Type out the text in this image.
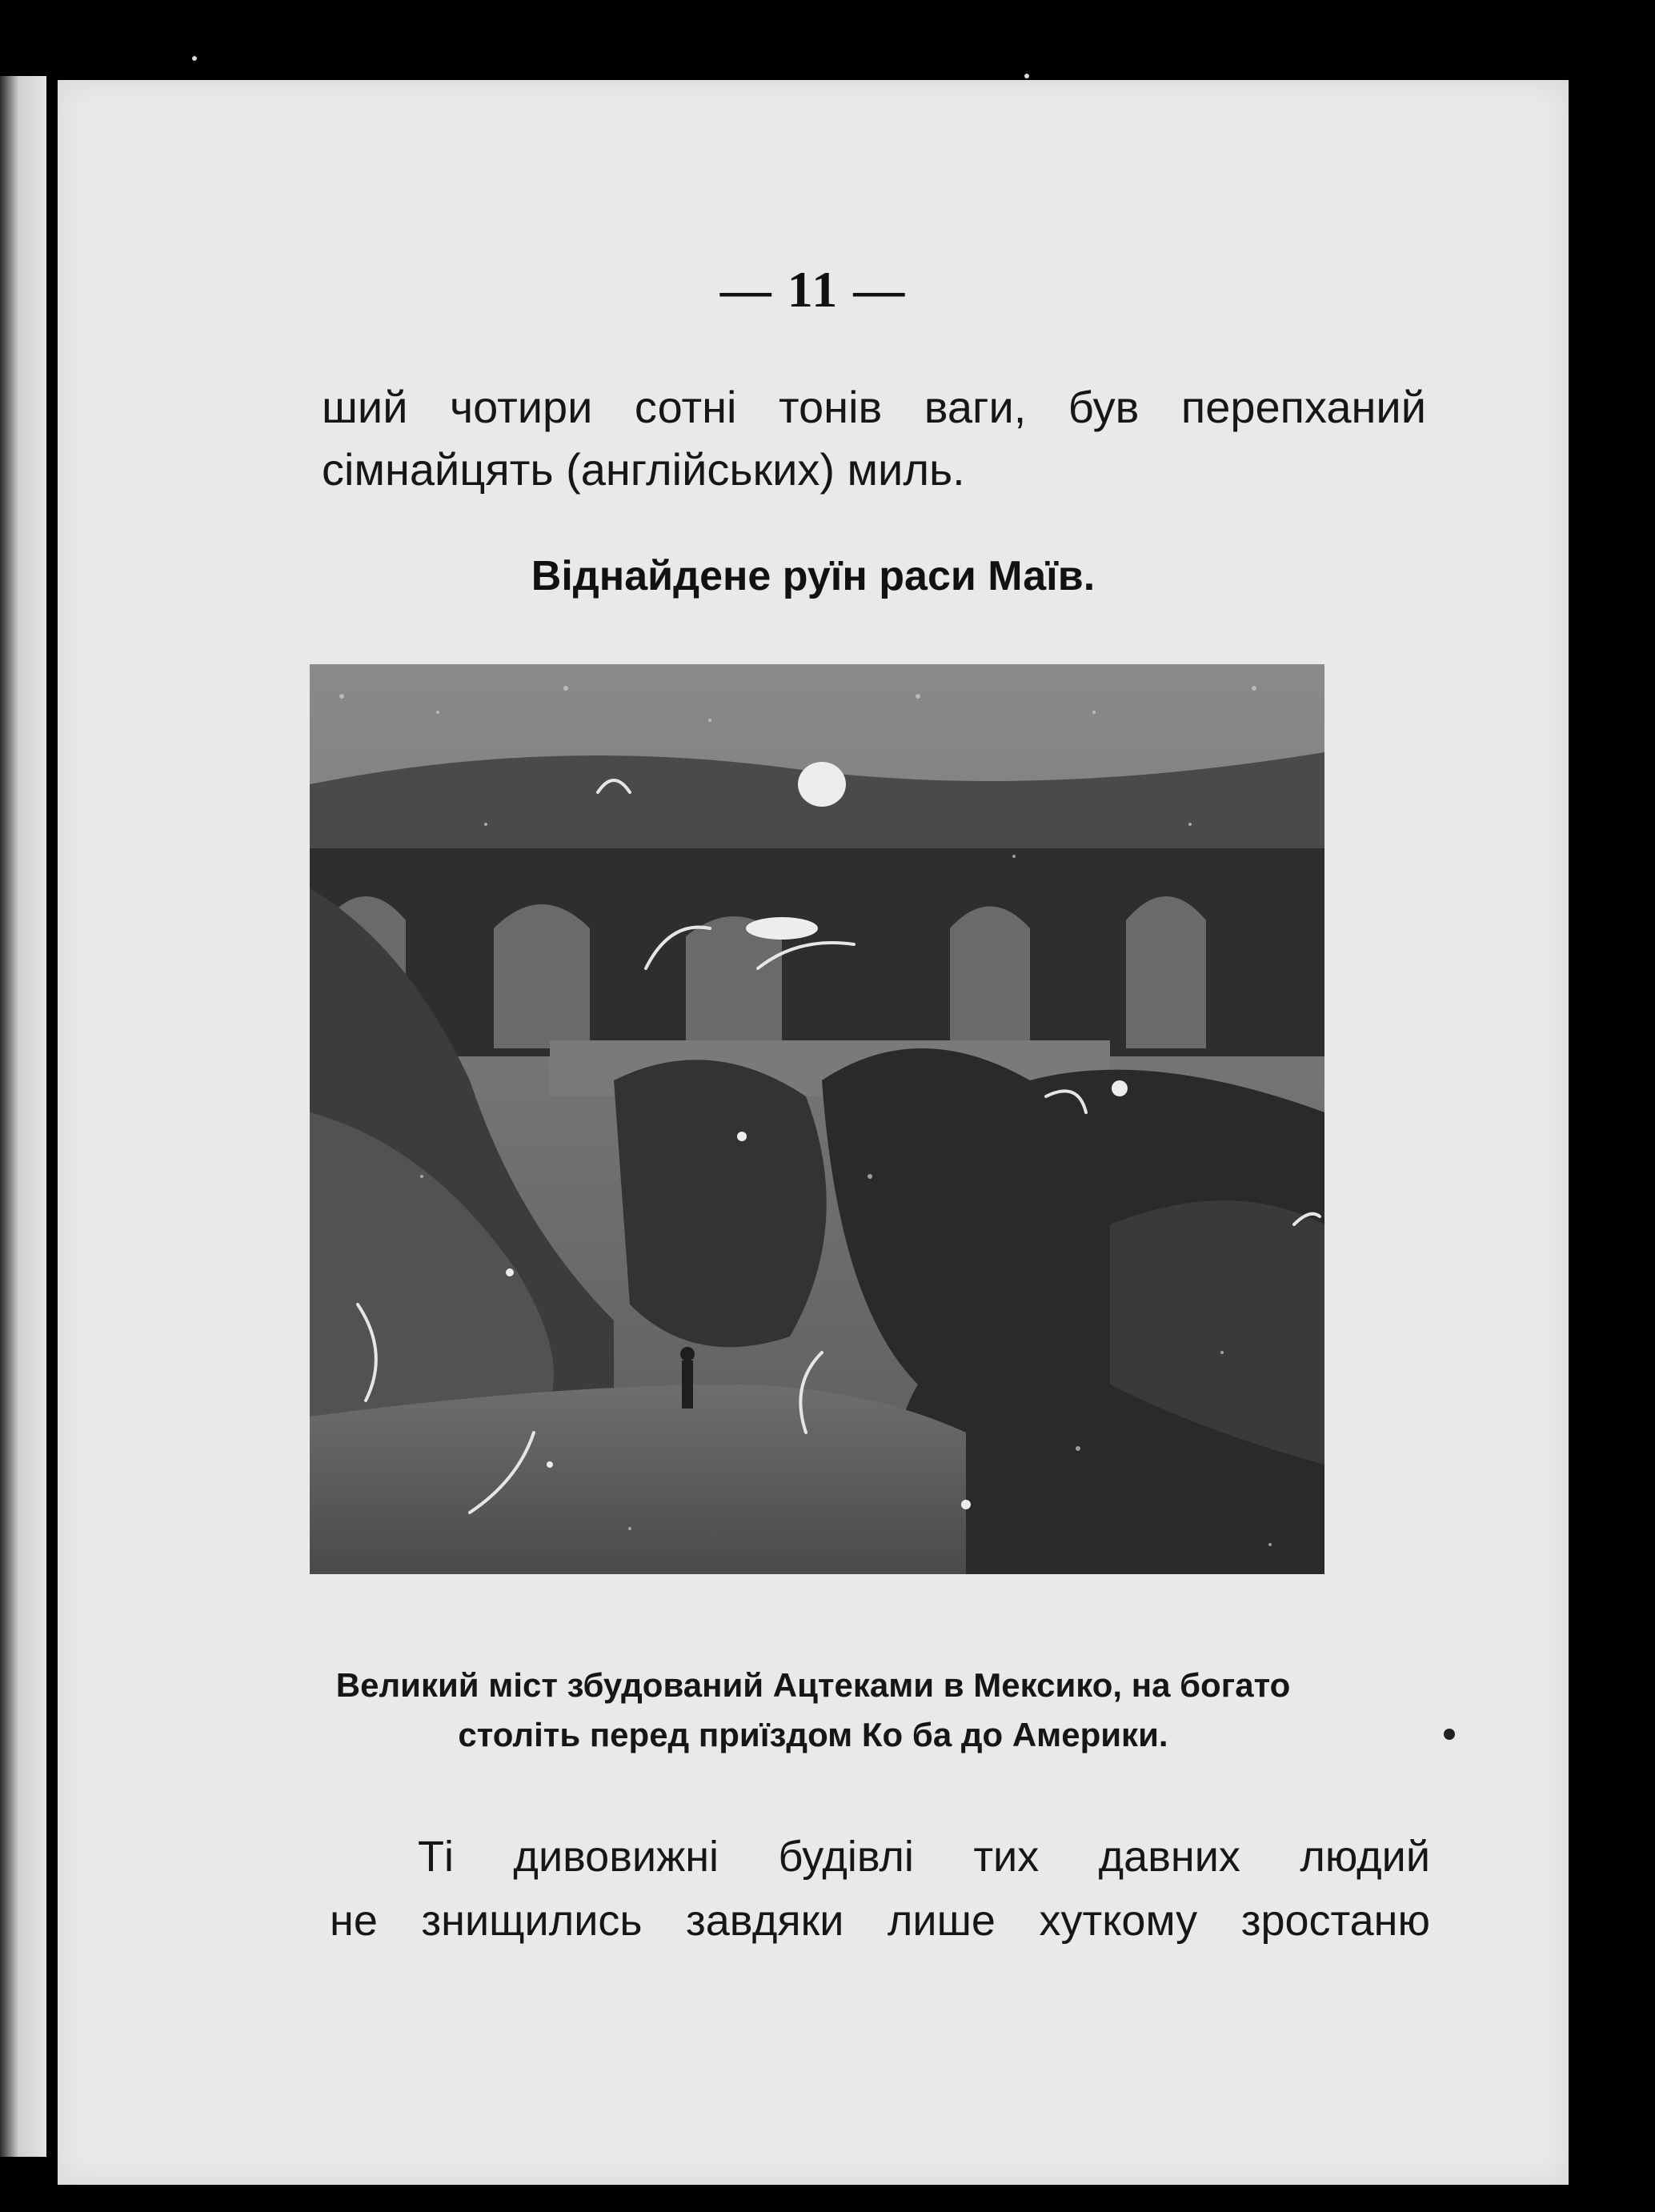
— 11 —
ший чотири сотні тонів ваги, був перепханий
сімнайцять (англійських) миль.
Віднайдене руїн раси Маїв.
Великий міст збудований Ацтеками в Мексико, на богато
століть перед приїздом Ко ба до Америки.
Ті дивовижні будівлі тих давних людий
не знищились завдяки лише хуткому зростаню
